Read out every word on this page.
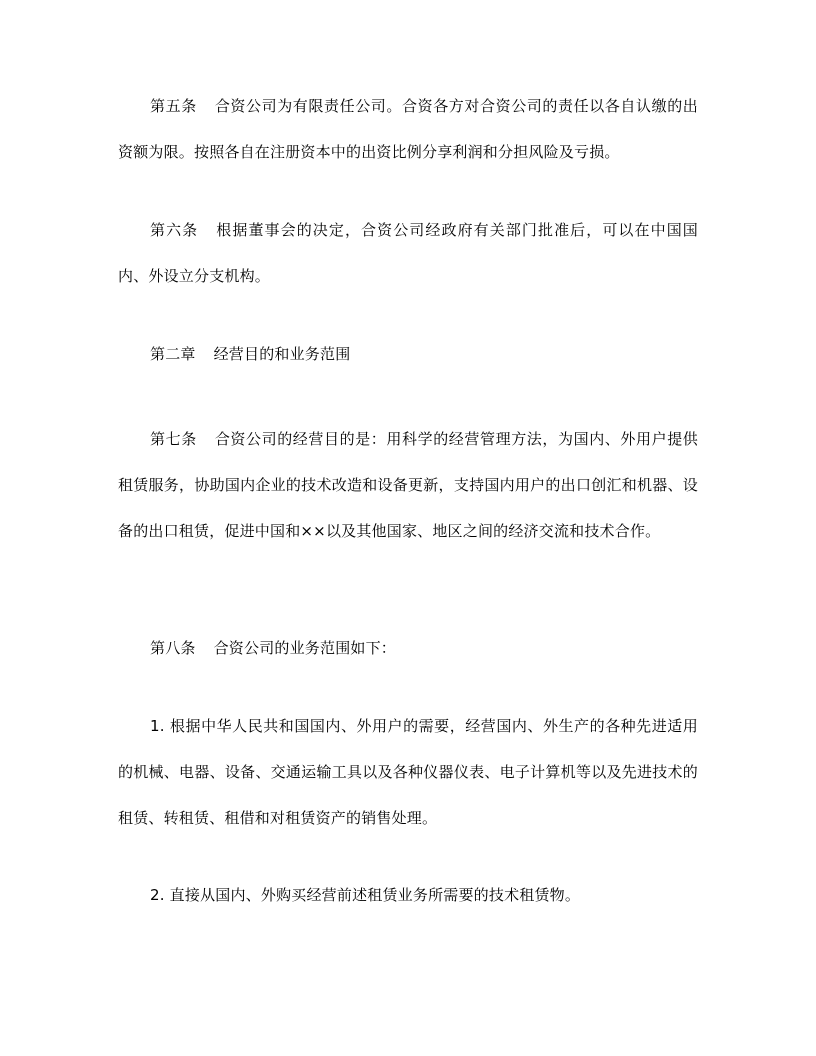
第五条 合资公司为有限责任公司。合资各方对合资公司的责任以各自认缴的出资额为限。按照各自在注册资本中的出资比例分享利润和分担风险及亏损。

第六条 根据董事会的决定，合资公司经政府有关部门批准后，可以在中国国内、外设立分支机构。

第二章 经营目的和业务范围

第七条 合资公司的经营目的是：用科学的经营管理方法，为国内、外用户提供租赁服务，协助国内企业的技术改造和设备更新，支持国内用户的出口创汇和机器、设备的出口租赁，促进中国和××以及其他国家、地区之间的经济交流和技术合作。

第八条 合资公司的业务范围如下：

1. 根据中华人民共和国国内、外用户的需要，经营国内、外生产的各种先进适用的机械、电器、设备、交通运输工具以及各种仪器仪表、电子计算机等以及先进技术的租赁、转租赁、租借和对租赁资产的销售处理。

2. 直接从国内、外购买经营前述租赁业务所需要的技术租赁物。
